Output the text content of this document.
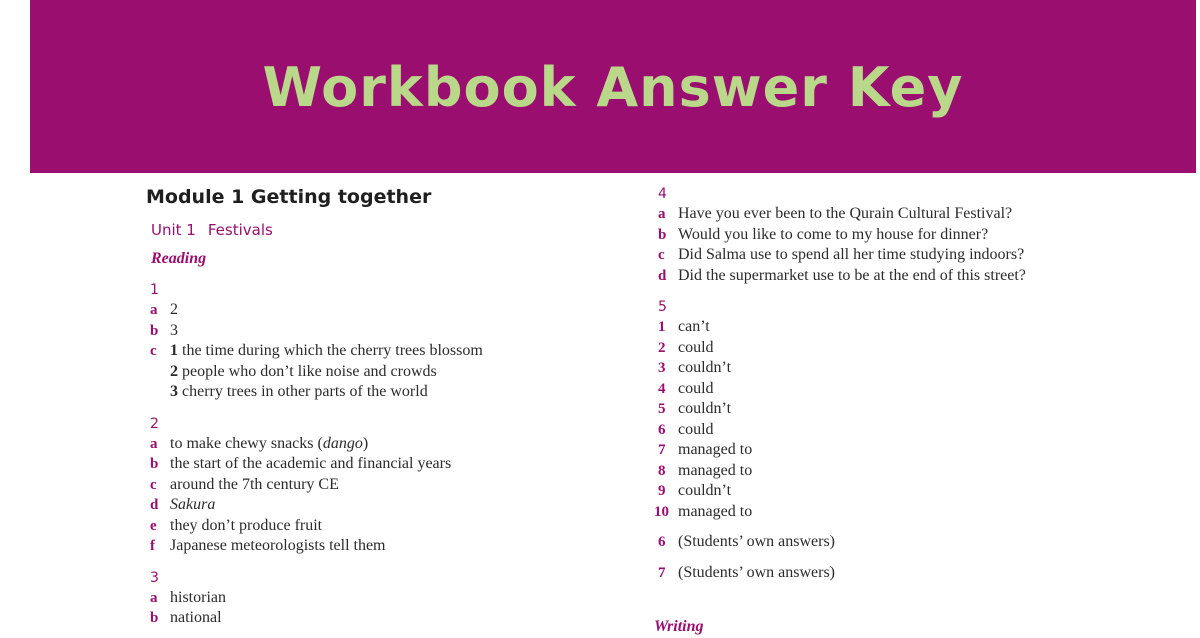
Workbook Answer Key
Module 1 Getting together
Unit 1 Festivals
Reading
1
a 2
b 3
c 1 the time during which the cherry trees blossom
2 people who don’t like noise and crowds
3 cherry trees in other parts of the world
2
a to make chewy snacks (dango)
b the start of the academic and financial years
c around the 7th century CE
d Sakura
e they don’t produce fruit
f Japanese meteorologists tell them
3
a historian
b national
4
a Have you ever been to the Qurain Cultural Festival?
b Would you like to come to my house for dinner?
c Did Salma use to spend all her time studying indoors?
d Did the supermarket use to be at the end of this street?
5
1 can’t
2 could
3 couldn’t
4 could
5 couldn’t
6 could
7 managed to
8 managed to
9 couldn’t
10 managed to
6 (Students’ own answers)
7 (Students’ own answers)
Writing
